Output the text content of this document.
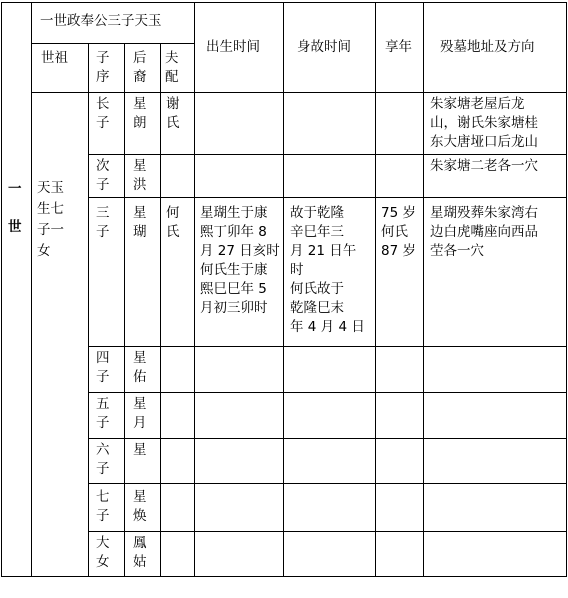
一世政奉公三子天玉
世祖 子
序
后
裔
夫
配
出生时间	身故时间	享年 殁墓地址及方向
一
世
天玉
生七
子一
女
长
子
星
朗
谢
氏
朱家塘老屋后龙
山，谢氏朱家塘桂
东大唐垭口后龙山
次
子
星
洪
朱家塘二老各一穴
三
子
星
瑚
何
氏
星瑚生于康
熙丁卯年 8
月 27 日亥时
何氏生于康
熙巳巳年 5
月初三卯时
故于乾隆
辛巳年三
月 21 日午
时
何氏故于
乾隆巳末
年 4 月 4 日
75 岁
何氏
87 岁
星瑚殁葬朱家湾右
边白虎嘴座向西品
茔各一穴
四
子
星
佑
五
子
星
月
六
子
星
七
子
星
焕
大
女
鳳
姑
